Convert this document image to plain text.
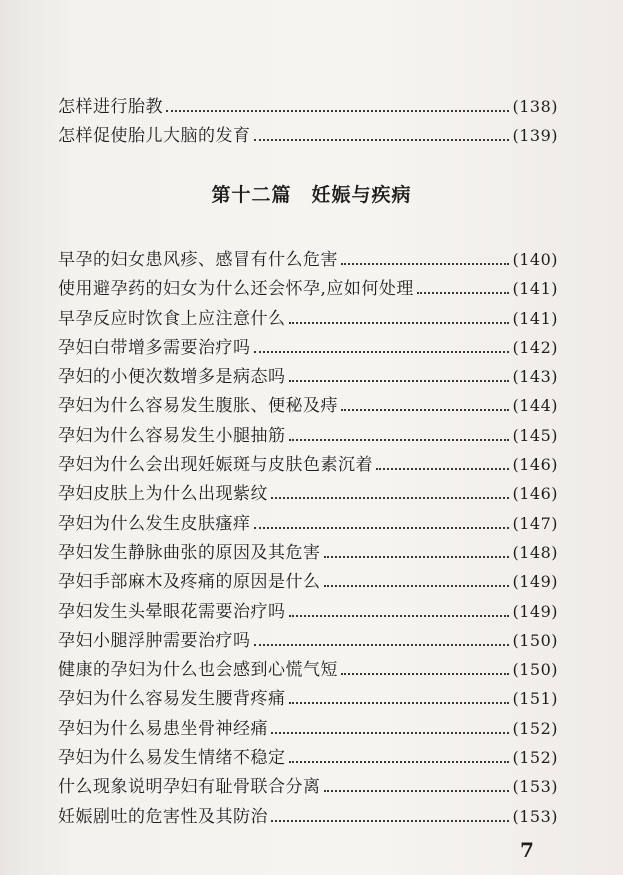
怎样进行胎教	(138)
怎样促使胎儿大脑的发育	(139)
第十二篇　妊娠与疾病
早孕的妇女患风疹、感冒有什么危害	(140)
使用避孕药的妇女为什么还会怀孕,应如何处理	(141)
早孕反应时饮食上应注意什么	(141)
孕妇白带增多需要治疗吗	(142)
孕妇的小便次数增多是病态吗	(143)
孕妇为什么容易发生腹胀、便秘及痔	(144)
孕妇为什么容易发生小腿抽筋	(145)
孕妇为什么会出现妊娠斑与皮肤色素沉着	(146)
孕妇皮肤上为什么出现紫纹	(146)
孕妇为什么发生皮肤瘙痒	(147)
孕妇发生静脉曲张的原因及其危害	(148)
孕妇手部麻木及疼痛的原因是什么	(149)
孕妇发生头晕眼花需要治疗吗	(149)
孕妇小腿浮肿需要治疗吗	(150)
健康的孕妇为什么也会感到心慌气短	(150)
孕妇为什么容易发生腰背疼痛	(151)
孕妇为什么易患坐骨神经痛	(152)
孕妇为什么易发生情绪不稳定	(152)
什么现象说明孕妇有耻骨联合分离	(153)
妊娠剧吐的危害性及其防治	(153)
7
